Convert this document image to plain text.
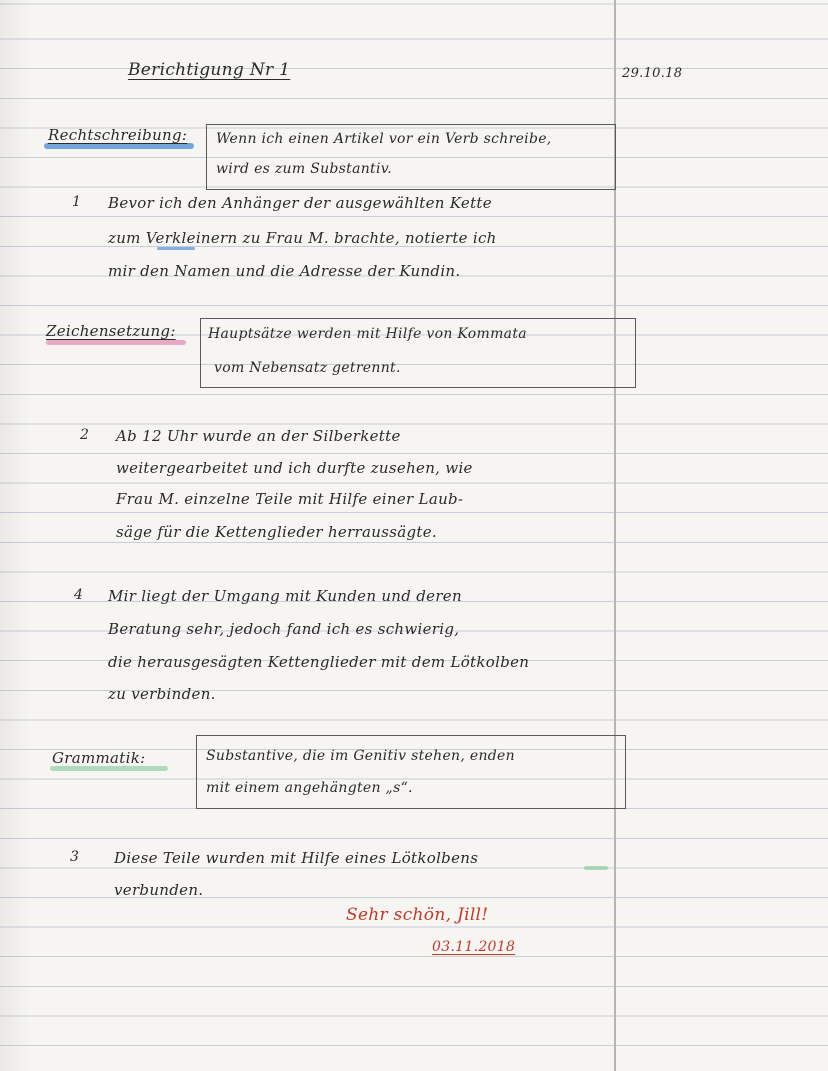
Berichtigung Nr 1	29.10.18
Rechtschreibung: Wenn ich einen Artikel vor ein Verb schreibe,
wird es zum Substantiv.
1 Bevor ich den Anhänger der ausgewählten Kette
zum Verkleinern zu Frau M. brachte, notierte ich
mir den Namen und die Adresse der Kundin.
Zeichensetzung: Hauptsätze werden mit Hilfe von Kommata
vom Nebensatz getrennt.
2 Ab 12 Uhr wurde an der Silberkette
weitergearbeitet und ich durfte zusehen, wie
Frau M. einzelne Teile mit Hilfe einer Laub-
säge für die Kettenglieder herraussägte.
4 Mir liegt der Umgang mit Kunden und deren
Beratung sehr, jedoch fand ich es schwierig,
die herausgesägten Kettenglieder mit dem Lötkolben
zu verbinden.
Grammatik:	Substantive, die im Genitiv stehen, enden
mit einem angehängten „s“.
3 Diese Teile wurden mit Hilfe eines Lötkolbens
verbunden.
Sehr schön, Jill!
03.11.2018
